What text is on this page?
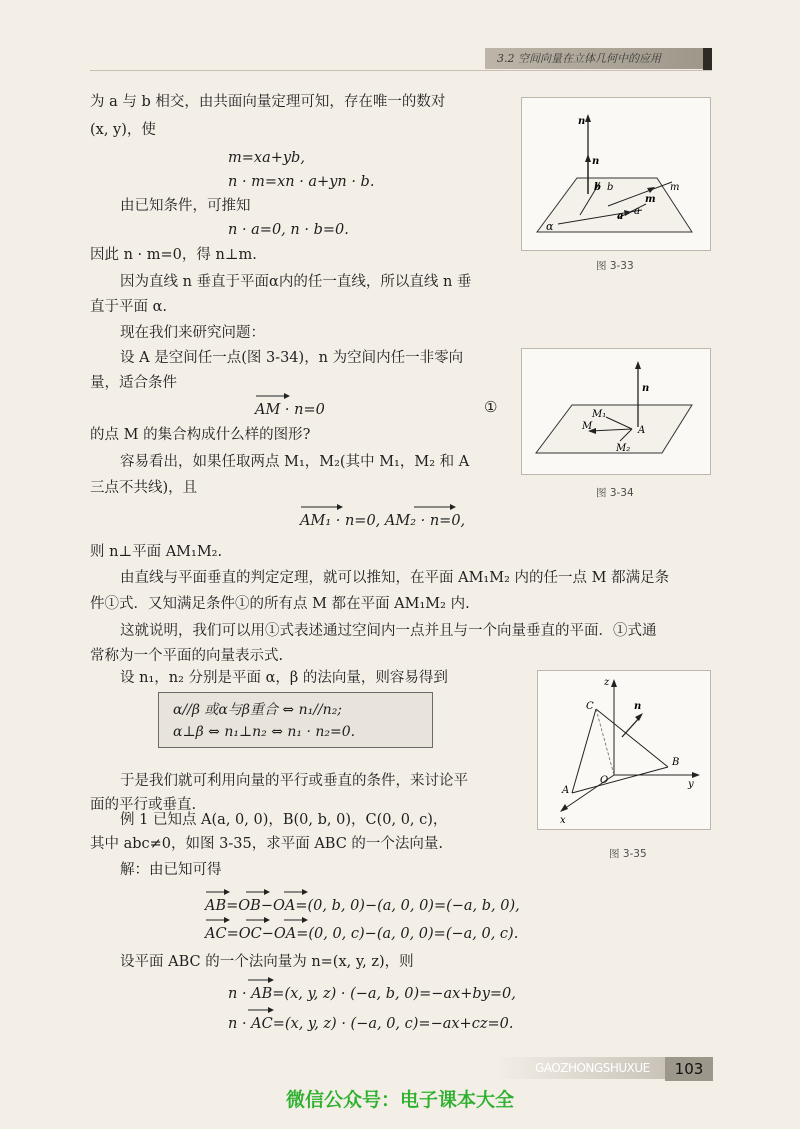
3.2 空间向量在立体几何中的应用
为 a 与 b 相交，由共面向量定理可知，存在唯一的数对
(x, y)，使
m=xa+yb,
n · m=xn · a+yn · b.
由已知条件，可推知
n · a=0, n · b=0.
因此 n · m=0，得 n⊥m.
因为直线 n 垂直于平面α内的任一直线，所以直线 n 垂
直于平面 α.
现在我们来研究问题：
设 A 是空间任一点(图 3-34)，n 为空间内任一非零向
量，适合条件
AM · n=0	①
的点 M 的集合构成什么样的图形?
容易看出，如果任取两点 M₁，M₂(其中 M₁，M₂ 和 A
三点不共线)，且
AM₁ · n=0, AM₂ · n=0,
则 n⊥平面 AM₁M₂.
由直线与平面垂直的判定定理，就可以推知，在平面 AM₁M₂ 内的任一点 M 都满足条
件①式．又知满足条件①的所有点 M 都在平面 AM₁M₂ 内.
这就说明，我们可以用①式表述通过空间内一点并且与一个向量垂直的平面．①式通
常称为一个平面的向量表示式.
设 n₁，n₂ 分别是平面 α，β 的法向量，则容易得到
α//β 或α与β重合 ⇔ n₁//n₂;
α⊥β ⇔ n₁⊥n₂ ⇔ n₁ · n₂=0.
于是我们就可利用向量的平行或垂直的条件，来讨论平
面的平行或垂直.
例 1 已知点 A(a, 0, 0)，B(0, b, 0)，C(0, 0, c)，
其中 abc≠0，如图 3-35，求平面 ABC 的一个法向量.
解：由已知可得
AB=OB−OA=(0, b, 0)−(a, 0, 0)=(−a, b, 0),
AC=OC−OA=(0, 0, c)−(a, 0, 0)=(−a, 0, c).
设平面 ABC 的一个法向量为 n=(x, y, z)，则
n · AB=(x, y, z) · (−a, b, 0)=−ax+by=0,
n · AC=(x, y, z) · (−a, 0, c)=−ax+cz=0.
n
n
b b	m
m
a a
α
图 3-33
n
M₁
M	A
M₂
图 3-34
z
C	n
B
y
O
A
x
图 3-35
GAOZHONGSHUXUE	103
微信公众号：电子课本大全
